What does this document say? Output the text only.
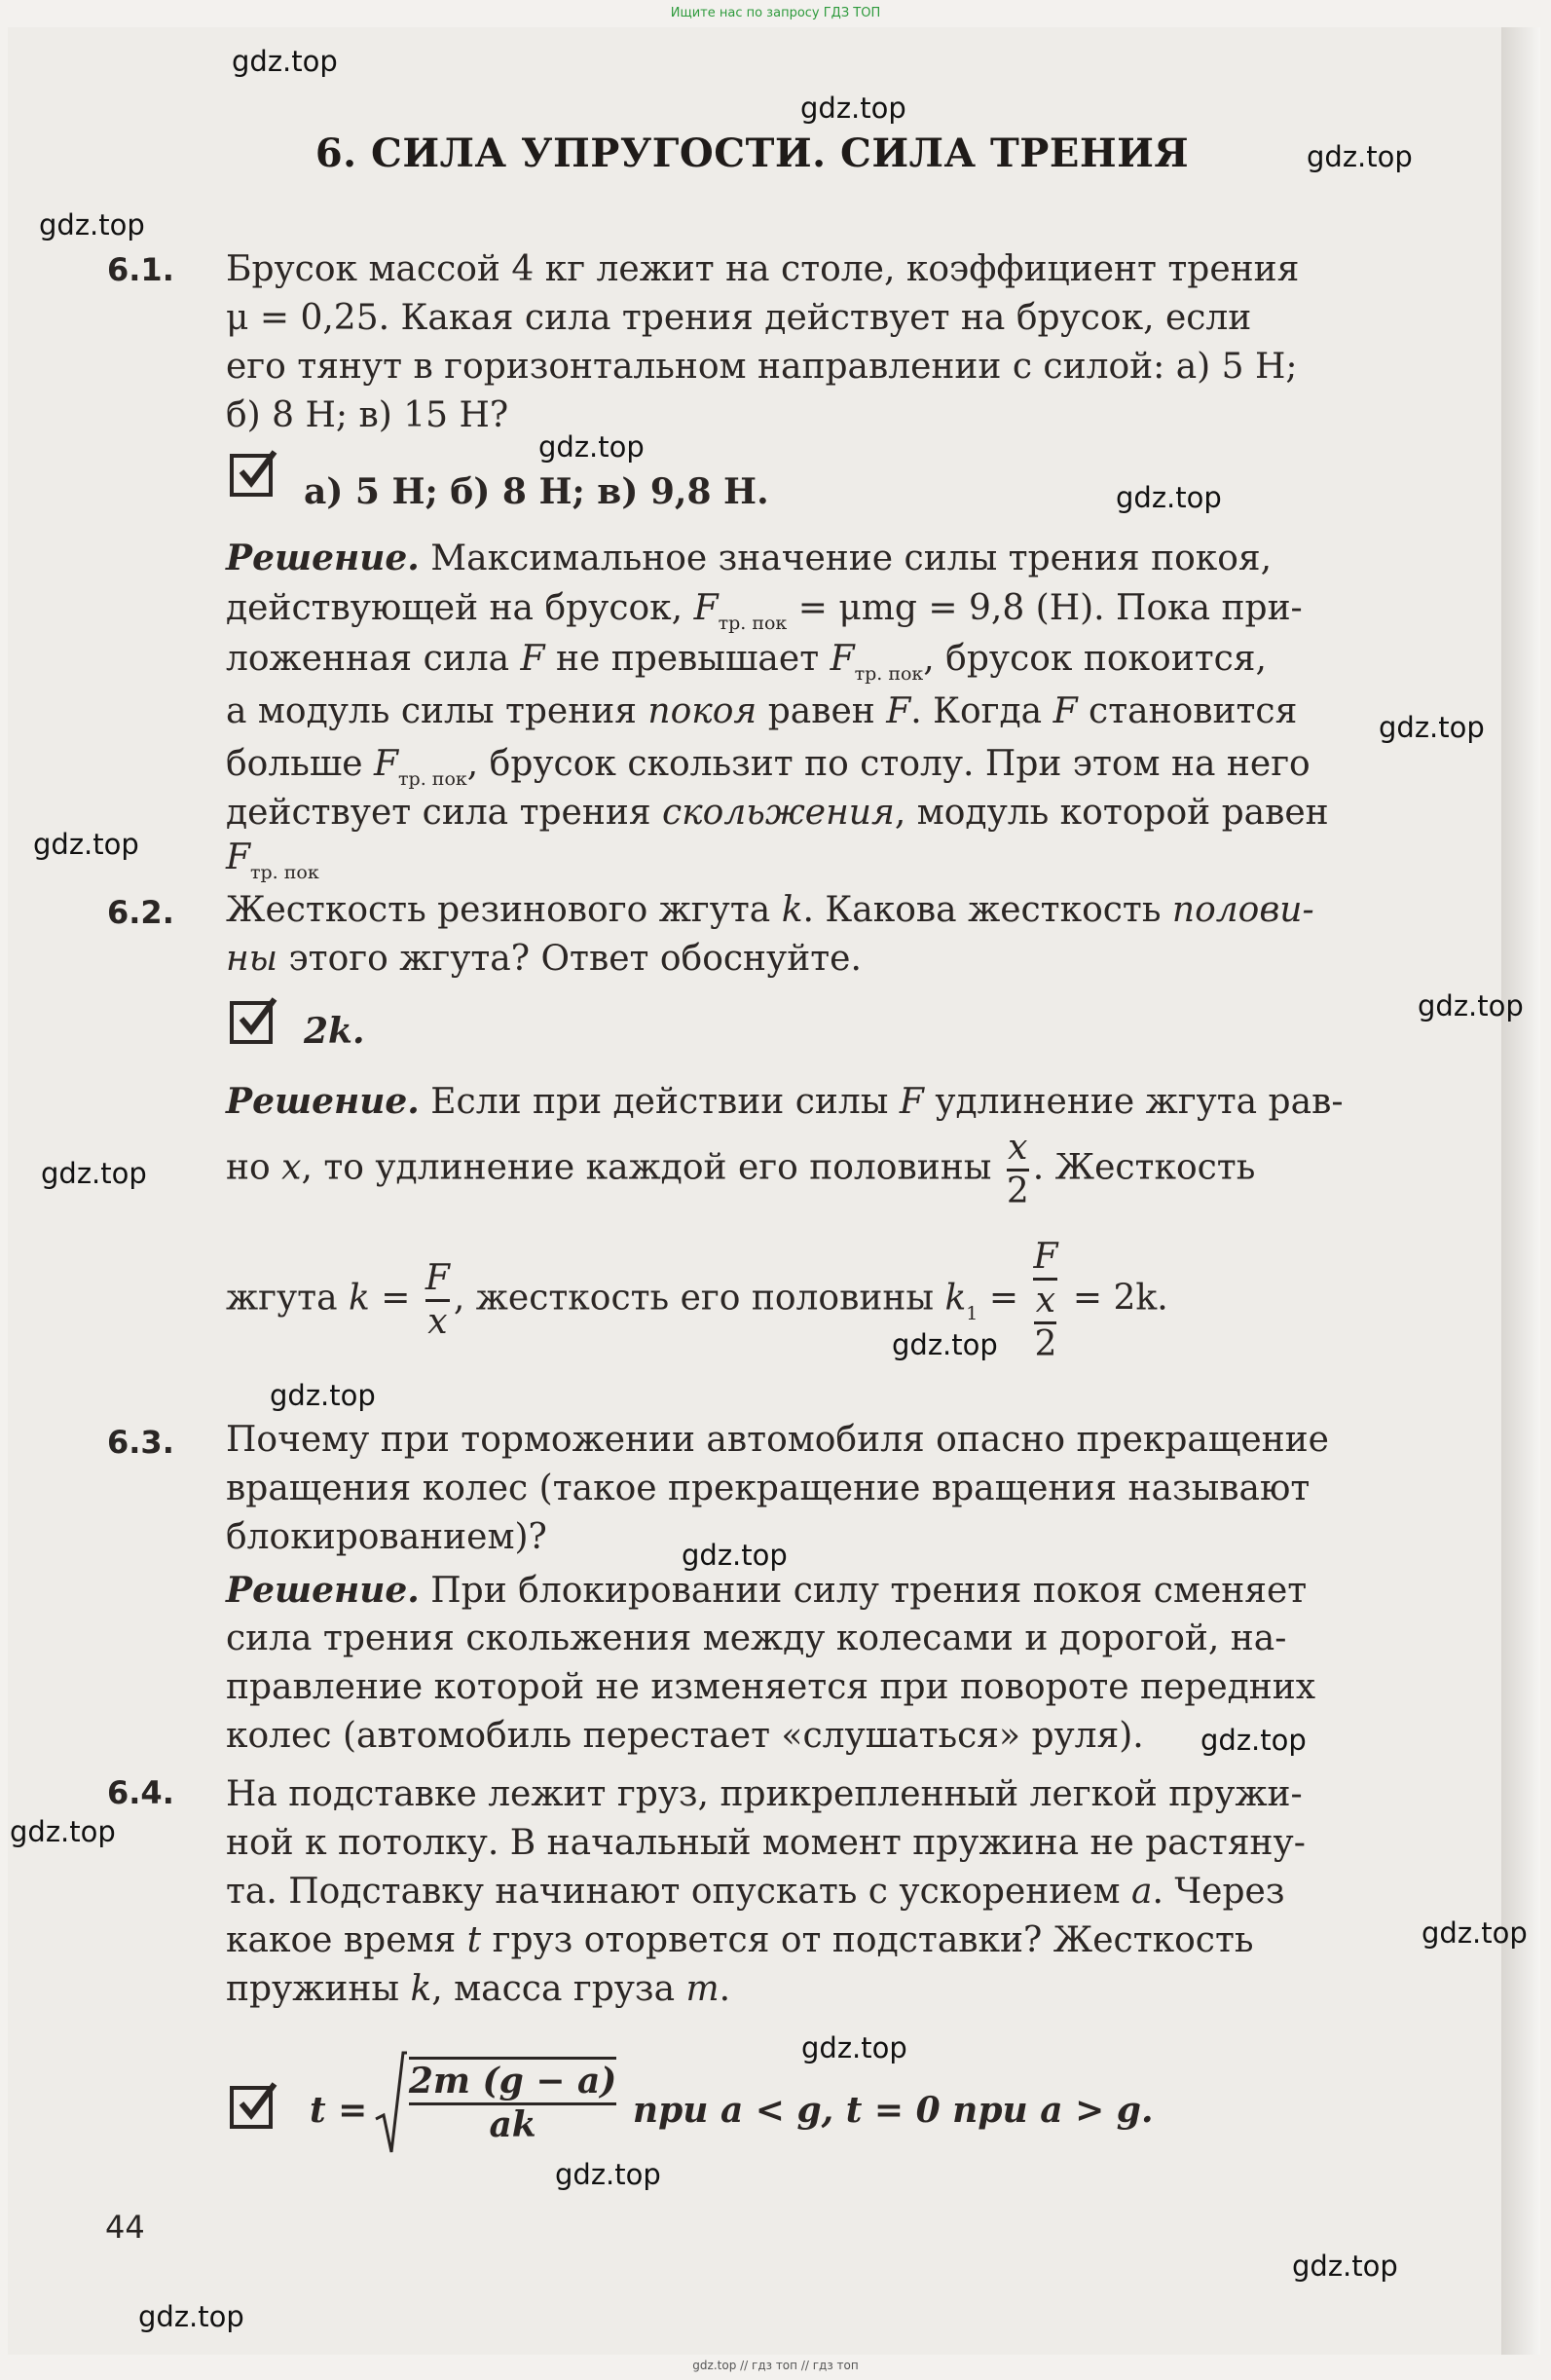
Ищите нас по запросу ГДЗ ТОП
gdz.top
gdz.top
gdz.top
gdz.top
gdz.top
gdz.top
gdz.top
gdz.top
gdz.top
gdz.top
gdz.top
gdz.top
gdz.top
gdz.top
gdz.top
gdz.top
gdz.top
gdz.top
gdz.top
gdz.top
6. СИЛА УПРУГОСТИ. СИЛА ТРЕНИЯ
6.1. Брусок массой 4 кг лежит на столе, коэффициент трения
μ = 0,25. Какая сила трения действует на брусок, если
его тянут в горизонтальном направлении с силой: а) 5 Н;
б) 8 Н; в) 15 Н?
а) 5 Н; б) 8 Н; в) 9,8 Н.
Решение. Максимальное значение силы трения покоя,
действующей на брусок, $F_{тр. пок} = \mu mg = 9,8$ (Н). Пока при-
ложенная сила F не превышает $F_{тр. пок}$, брусок покоится,
а модуль силы трения покоя равен F. Когда F становится
больше $F_{тр. пок}$, брусок скользит по столу. При этом на него
действует сила трения скольжения, модуль которой равен
$F_{тр. пок}$
6.2. Жесткость резинового жгута k. Какова жесткость полови-
ны этого жгута? Ответ обоснуйте.
2k.
Решение. Если при действии силы F удлинение жгута рав-
но x, то удлинение каждой его половины $\frac{x}{2}$ . Жесткость
жгута $k = \frac{F}{x}$ , жесткость его половины $k_1 = \frac{F}{\frac{x}{2}} = 2k$.
6.3. Почему при торможении автомобиля опасно прекращение
вращения колес (такое прекращение вращения называют
блокированием)?
Решение. При блокировании силу трения покоя сменяет
сила трения скольжения между колесами и дорогой, на-
правление которой не изменяется при повороте передних
колес (автомобиль перестает «слушаться» руля).
6.4. На подставке лежит груз, прикрепленный легкой пружи-
ной к потолку. В начальный момент пружина не растяну-
та. Подставку начинают опускать с ускорением a. Через
какое время t груз оторвется от подставки? Жесткость
пружины k, масса груза m.
$t = \frac{2m (g - a)}{ak}$ при a < g, t = 0 при a > g.
44
gdz.top // гдз топ // гдз топ
